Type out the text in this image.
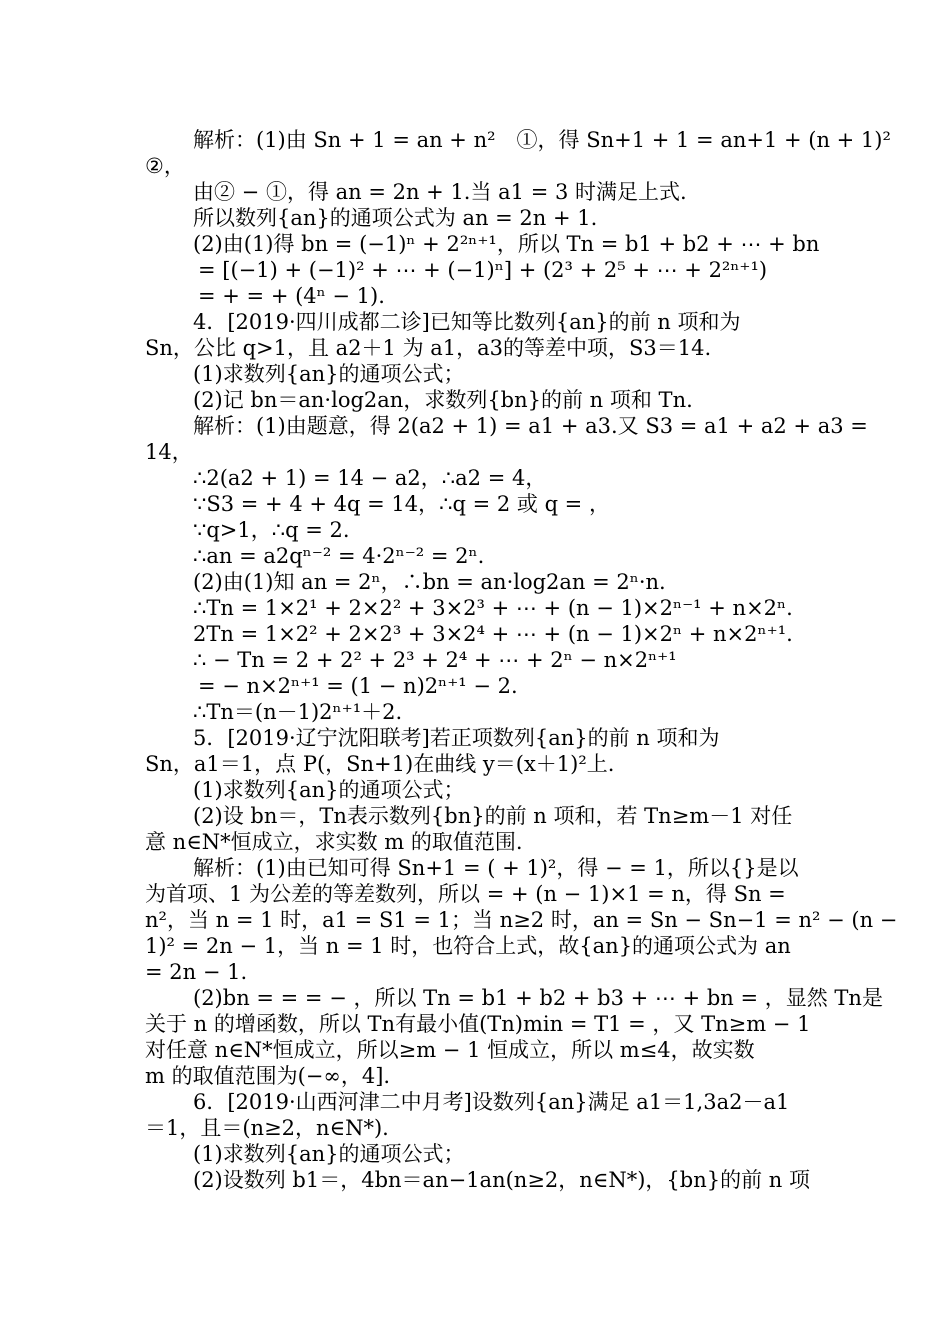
解析：(1)由 Sn + 1 = an + n²　①，得 Sn+1 + 1 = an+1 + (n + 1)²
②，
由② − ①，得 an = 2n + 1.当 a1 = 3 时满足上式.
所以数列{an}的通项公式为 an = 2n + 1.
(2)由(1)得 bn = (−1)ⁿ + 2²ⁿ⁺¹，所以 Tn = b1 + b2 + ⋯ + bn
= [(−1) + (−1)² + ⋯ + (−1)ⁿ] + (2³ + 2⁵ + ⋯ + 2²ⁿ⁺¹)
= + = + (4ⁿ − 1).
4．[2019·四川成都二诊]已知等比数列{an}的前 n 项和为
Sn，公比 q>1，且 a2＋1 为 a1，a3的等差中项，S3＝14.
(1)求数列{an}的通项公式；
(2)记 bn＝an·log2an，求数列{bn}的前 n 项和 Tn.
解析：(1)由题意，得 2(a2 + 1) = a1 + a3.又 S3 = a1 + a2 + a3 =
14，
∴2(a2 + 1) = 14 − a2，∴a2 = 4，
∵S3 = + 4 + 4q = 14，∴q = 2 或 q = ，
∵q>1，∴q = 2.
∴an = a2qⁿ⁻² = 4·2ⁿ⁻² = 2ⁿ.
(2)由(1)知 an = 2ⁿ，∴bn = an·log2an = 2ⁿ·n.
∴Tn = 1×2¹ + 2×2² + 3×2³ + ⋯ + (n − 1)×2ⁿ⁻¹ + n×2ⁿ.
2Tn = 1×2² + 2×2³ + 3×2⁴ + ⋯ + (n − 1)×2ⁿ + n×2ⁿ⁺¹.
∴ − Tn = 2 + 2² + 2³ + 2⁴ + ⋯ + 2ⁿ − n×2ⁿ⁺¹
= − n×2ⁿ⁺¹ = (1 − n)2ⁿ⁺¹ − 2.
∴Tn＝(n－1)2ⁿ⁺¹＋2.
5．[2019·辽宁沈阳联考]若正项数列{an}的前 n 项和为
Sn，a1＝1，点 P(，Sn+1)在曲线 y＝(x＋1)²上.
(1)求数列{an}的通项公式；
(2)设 bn＝，Tn表示数列{bn}的前 n 项和，若 Tn≥m－1 对任
意 n∈N*恒成立，求实数 m 的取值范围.
解析：(1)由已知可得 Sn+1 = ( + 1)²，得 − = 1，所以{}是以
为首项、1 为公差的等差数列，所以 = + (n − 1)×1 = n，得 Sn =
n²，当 n = 1 时，a1 = S1 = 1；当 n≥2 时，an = Sn − Sn−1 = n² − (n −
1)² = 2n − 1，当 n = 1 时，也符合上式，故{an}的通项公式为 an
= 2n − 1.
(2)bn = = = − ，所以 Tn = b1 + b2 + b3 + ⋯ + bn = ，显然 Tn是
关于 n 的增函数，所以 Tn有最小值(Tn)min = T1 = ，又 Tn≥m − 1
对任意 n∈N*恒成立，所以≥m − 1 恒成立，所以 m≤4，故实数
m 的取值范围为(−∞，4].
6．[2019·山西河津二中月考]设数列{an}满足 a1＝1,3a2－a1
＝1，且＝(n≥2，n∈N*).
(1)求数列{an}的通项公式；
(2)设数列 b1＝，4bn＝an−1an(n≥2，n∈N*)，{bn}的前 n 项
